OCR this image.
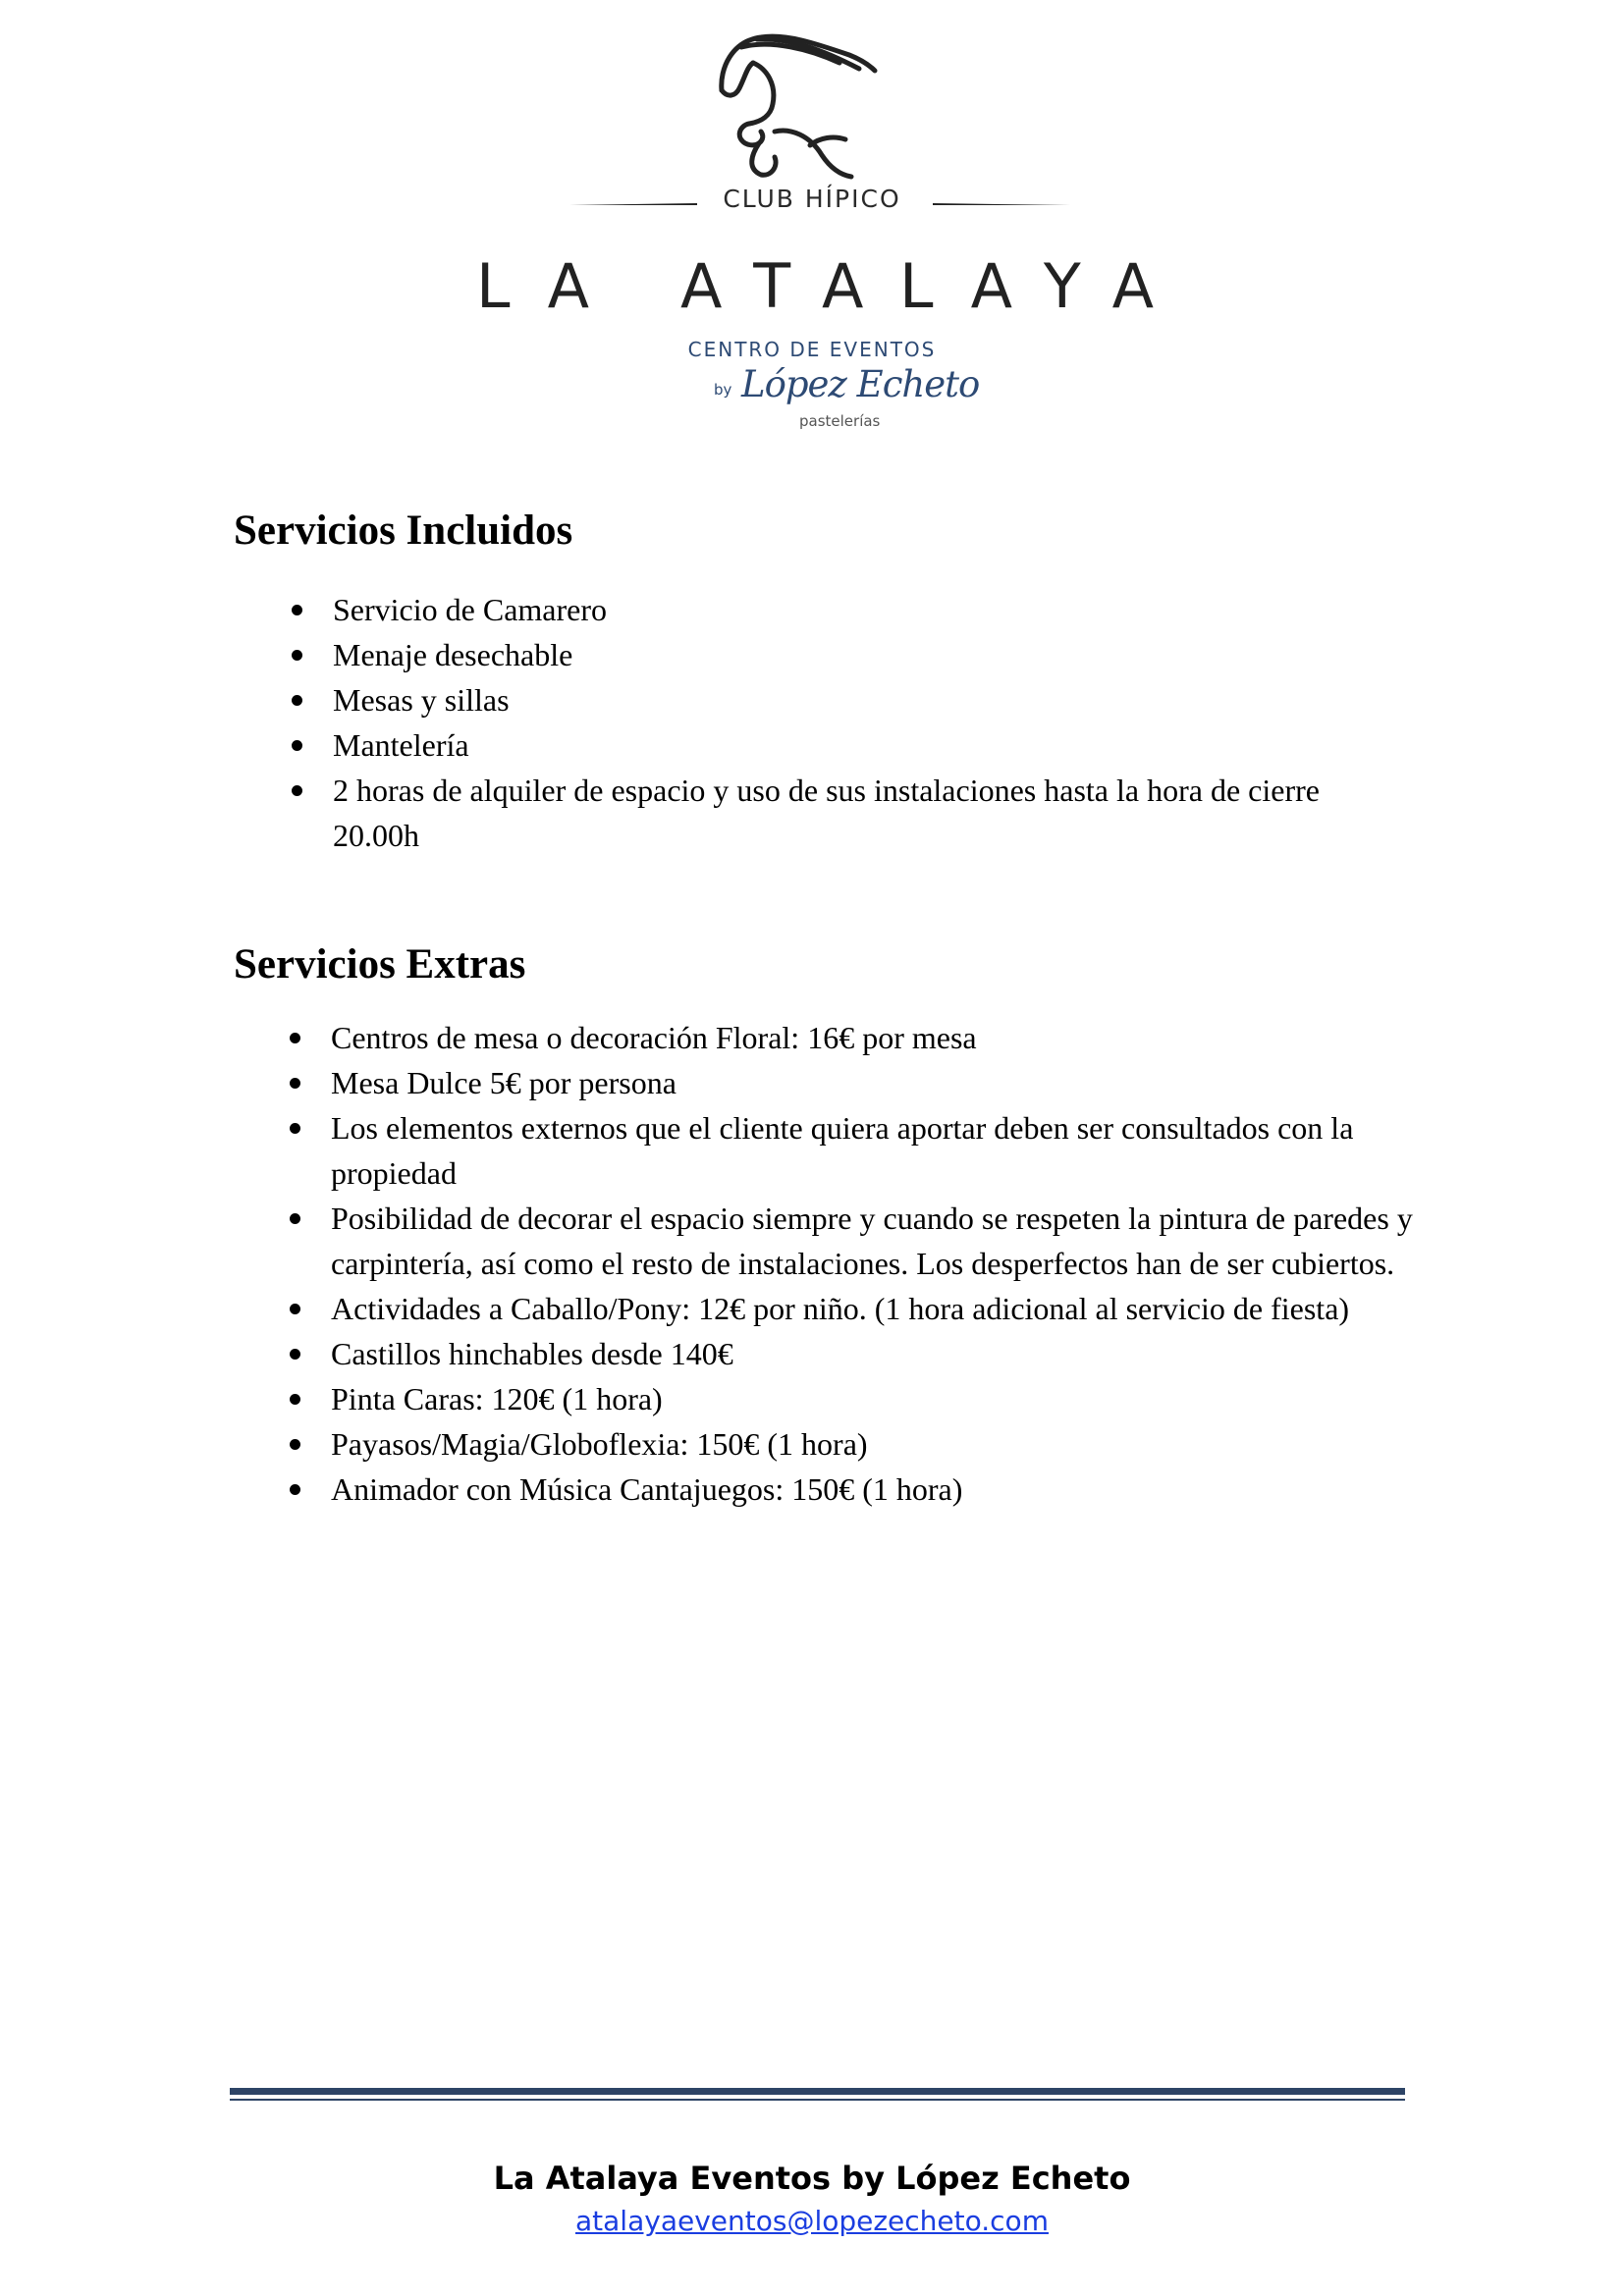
CLUB HÍPICO
LA ATALAYA
CENTRO DE EVENTOS
by López Echeto
pastelerías
Servicios Incluidos
Servicio de Camarero
Menaje desechable
Mesas y sillas
Mantelería
2 horas de alquiler de espacio y uso de sus instalaciones hasta la hora de cierre 20.00h
Servicios Extras
Centros de mesa o decoración Floral: 16€ por mesa
Mesa Dulce 5€ por persona
Los elementos externos que el cliente quiera aportar deben ser consultados con la propiedad
Posibilidad de decorar el espacio siempre y cuando se respeten la pintura de paredes y carpintería, así como el resto de instalaciones. Los desperfectos han de ser cubiertos.
Actividades a Caballo/Pony: 12€ por niño. (1 hora adicional al servicio de fiesta)
Castillos hinchables desde 140€
Pinta Caras: 120€ (1 hora)
Payasos/Magia/Globoflexia: 150€ (1 hora)
Animador con Música Cantajuegos: 150€ (1 hora)
La Atalaya Eventos by López Echeto
atalayaeventos@lopezecheto.com
